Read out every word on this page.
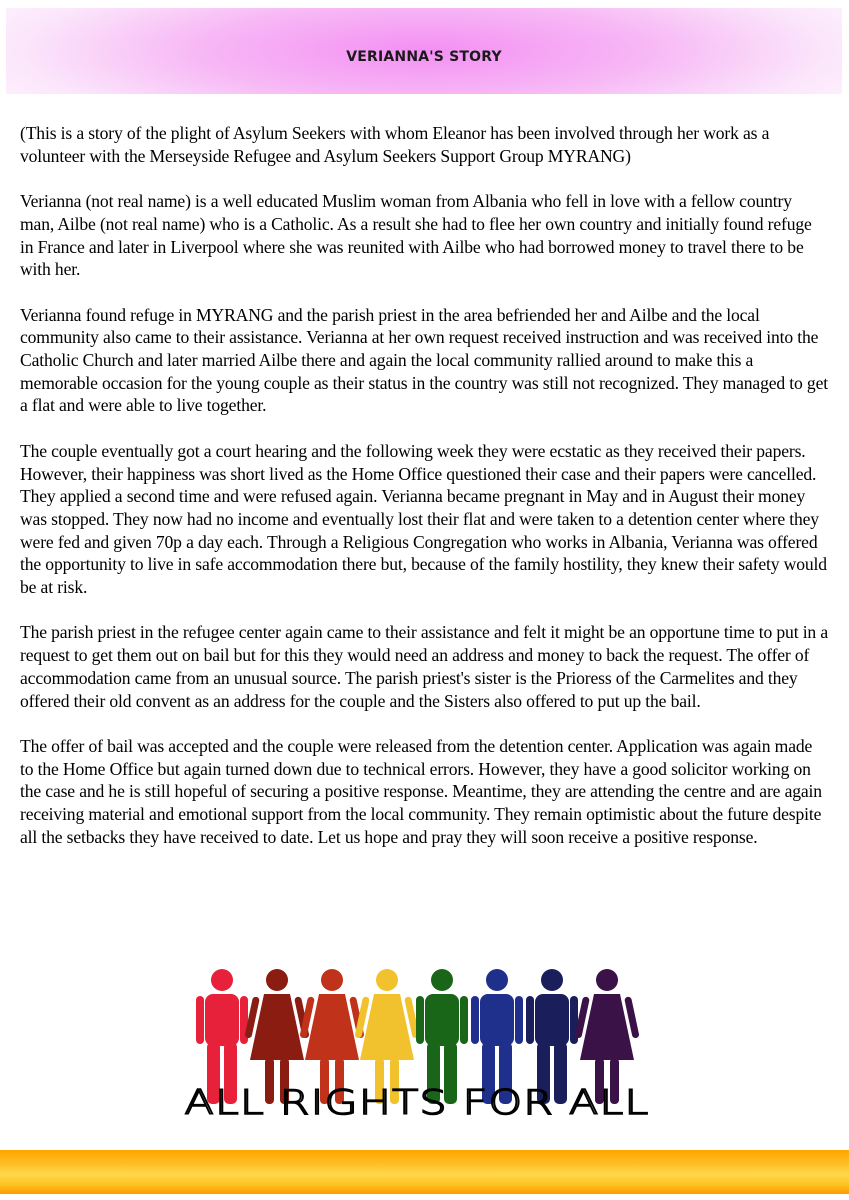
VERIANNA'S STORY

(This is a story of the plight of Asylum Seekers with whom Eleanor has been involved through her work as a volunteer with the Merseyside Refugee and Asylum Seekers Support Group MYRANG)

Verianna (not real name) is a well educated Muslim woman from Albania who fell in love with a fellow country man, Ailbe (not real name) who is a Catholic. As a result she had to flee her own country and initially found refuge in France and later in Liverpool where she was reunited with Ailbe who had borrowed money to travel there to be with her.

Verianna found refuge in MYRANG and the parish priest in the area befriended her and Ailbe and the local community also came to their assistance. Verianna at her own request received instruction and was received into the Catholic Church and later married Ailbe there and again the local community rallied around to make this a memorable occasion for the young couple as their status in the country was still not recognized. They managed to get a flat and were able to live together.

The couple eventually got a court hearing and the following week they were ecstatic as they received their papers. However, their happiness was short lived as the Home Office questioned their case and their papers were cancelled. They applied a second time and were refused again. Verianna became pregnant in May and in August their money was stopped. They now had no income and eventually lost their flat and were taken to a detention center where they were fed and given 70p a day each. Through a Religious Congregation who works in Albania, Verianna was offered the opportunity to live in safe accommodation there but, because of the family hostility, they knew their safety would be at risk.

The parish priest in the refugee center again came to their assistance and felt it might be an opportune time to put in a request to get them out on bail but for this they would need an address and money to back the request. The offer of accommodation came from an unusual source. The parish priest's sister is the Prioress of the Carmelites and they offered their old convent as an address for the couple and the Sisters also offered to put up the bail.

The offer of bail was accepted and the couple were released from the detention center. Application was again made to the Home Office but again turned down due to technical errors. However, they have a good solicitor working on the case and he is still hopeful of securing a positive response. Meantime, they are attending the centre and are again receiving material and emotional support from the local community. They remain optimistic about the future despite all the setbacks they have received to date. Let us hope and pray they will soon receive a positive response.

ALL RIGHTS FOR ALL
